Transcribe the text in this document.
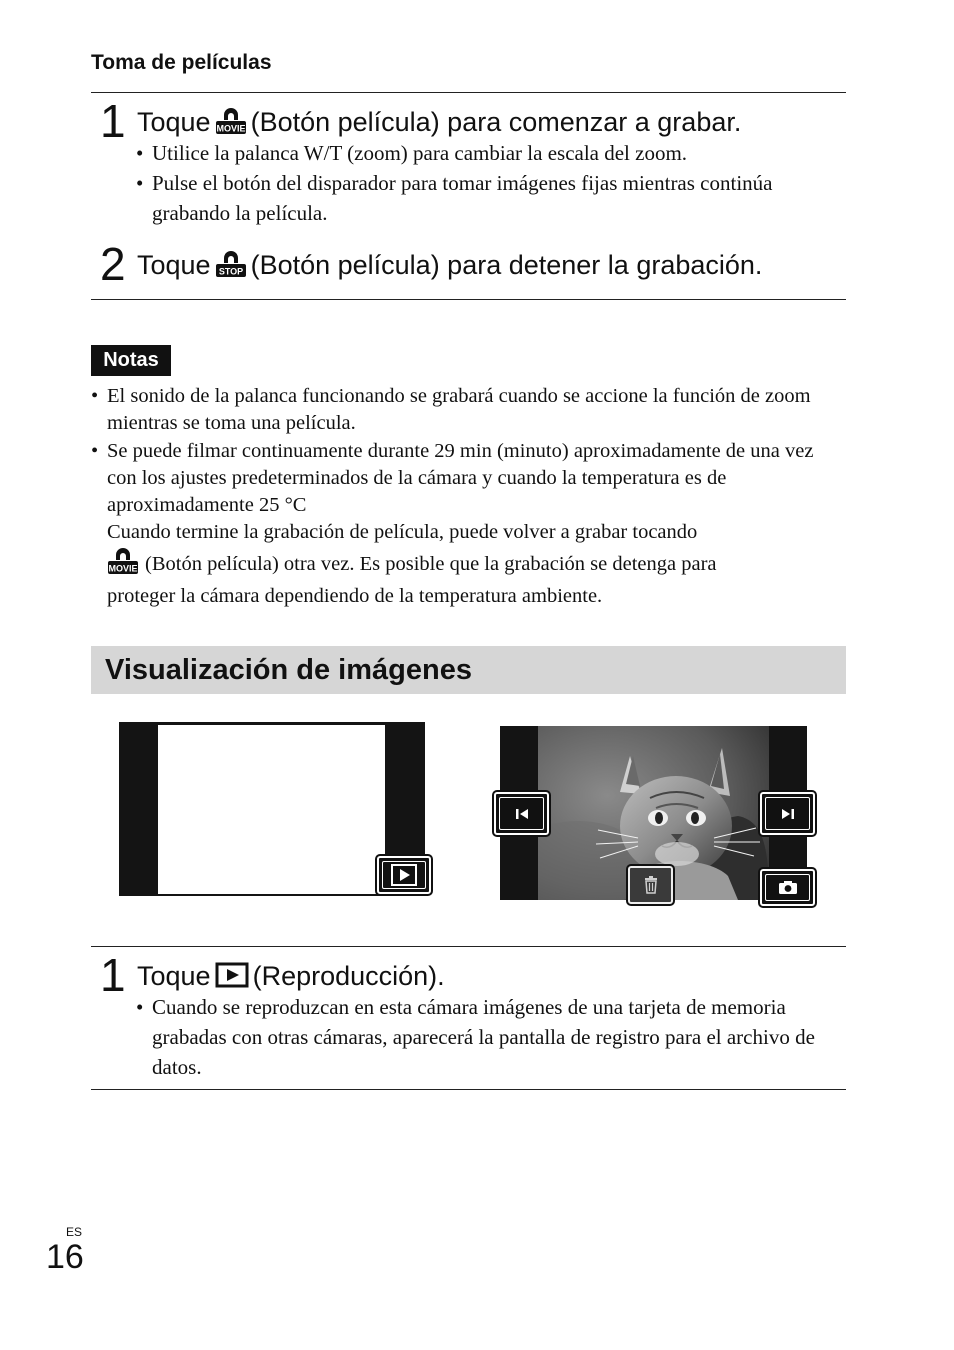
Toma de películas
1 Toque MOVIE (Botón película) para comenzar a grabar.
• Utilice la palanca W/T (zoom) para cambiar la escala del zoom.
• Pulse el botón del disparador para tomar imágenes fijas mientras continúa grabando la película.
2 Toque STOP (Botón película) para detener la grabación.
Notas
• El sonido de la palanca funcionando se grabará cuando se accione la función de zoom mientras se toma una película.
• Se puede filmar continuamente durante 29 min (minuto) aproximadamente de una vez con los ajustes predeterminados de la cámara y cuando la temperatura es de aproximadamente 25 °C
Cuando termine la grabación de película, puede volver a grabar tocando
MOVIE (Botón película) otra vez. Es posible que la grabación se detenga para
proteger la cámara dependiendo de la temperatura ambiente.
Visualización de imágenes
1 Toque (Reproducción).
• Cuando se reproduzcan en esta cámara imágenes de una tarjeta de memoria grabadas con otras cámaras, aparecerá la pantalla de registro para el archivo de datos.
ES
16
